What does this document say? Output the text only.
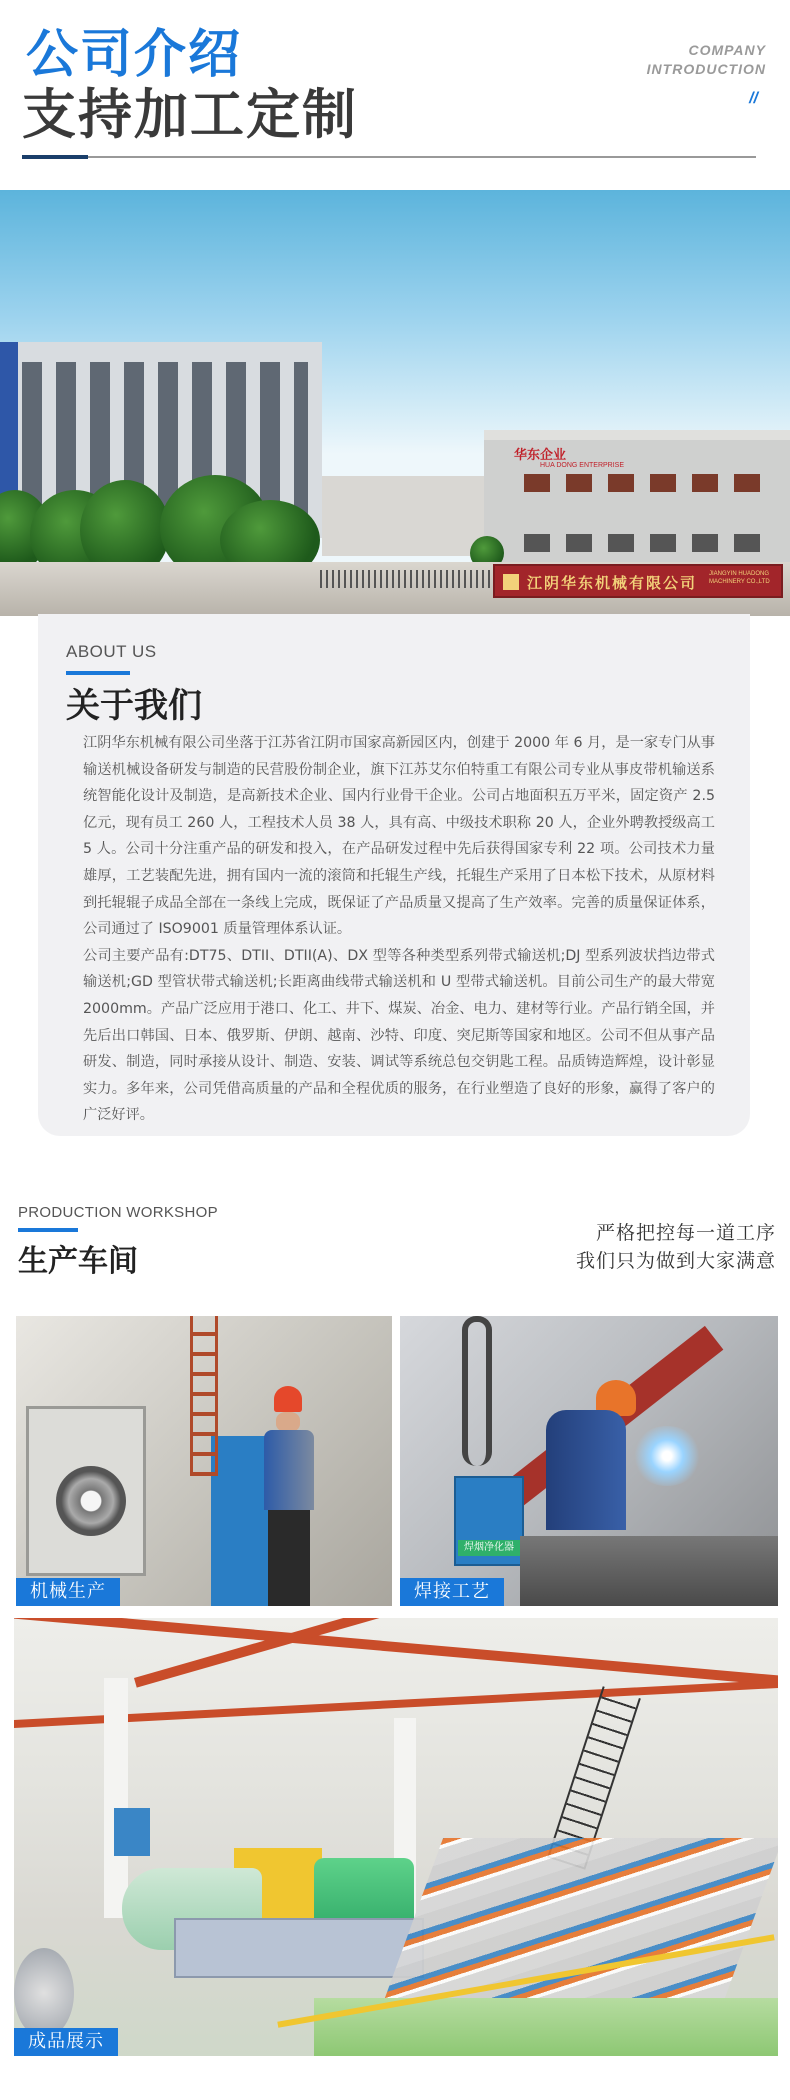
公司介绍
支持加工定制
COMPANY
INTRODUCTION
//
华东企业
HUA DONG ENTERPRISE
江阴华东机械有限公司 JIANGYIN HUADONG MACHINERY CO.,LTD
ABOUT US
关于我们

江阴华东机械有限公司坐落于江苏省江阴市国家高新园区内，创建于 2000 年 6 月，是一家专门从事输送机械设备研发与制造的民营股份制企业，旗下江苏艾尔伯特重工有限公司专业从事皮带机输送系统智能化设计及制造，是高新技术企业、国内行业骨干企业。公司占地面积五万平米，固定资产 2.5 亿元，现有员工 260 人，工程技术人员 38 人，具有高、中级技术职称 20 人，企业外聘教授级高工 5 人。公司十分注重产品的研发和投入，在产品研发过程中先后获得国家专利 22 项。公司技术力量雄厚，工艺装配先进，拥有国内一流的滚筒和托辊生产线，托辊生产采用了日本松下技术，从原材料到托辊辊子成品全部在一条线上完成，既保证了产品质量又提高了生产效率。完善的质量保证体系，公司通过了 ISO9001 质量管理体系认证。

公司主要产品有:DT75、DTII、DTII(A)、DX 型等各种类型系列带式输送机;DJ 型系列波状挡边带式输送机;GD 型管状带式输送机;长距离曲线带式输送机和 U 型带式输送机。目前公司生产的最大带宽 2000mm。产品广泛应用于港口、化工、井下、煤炭、冶金、电力、建材等行业。产品行销全国，并先后出口韩国、日本、俄罗斯、伊朗、越南、沙特、印度、突尼斯等国家和地区。公司不但从事产品研发、制造，同时承接从设计、制造、安装、调试等系统总包交钥匙工程。品质铸造辉煌，设计彰显实力。多年来，公司凭借高质量的产品和全程优质的服务，在行业塑造了良好的形象，赢得了客户的广泛好评。

PRODUCTION WORKSHOP
生产车间
严格把控每一道工序
我们只为做到大家满意
机械生产
焊烟净化器
焊接工艺
成品展示
